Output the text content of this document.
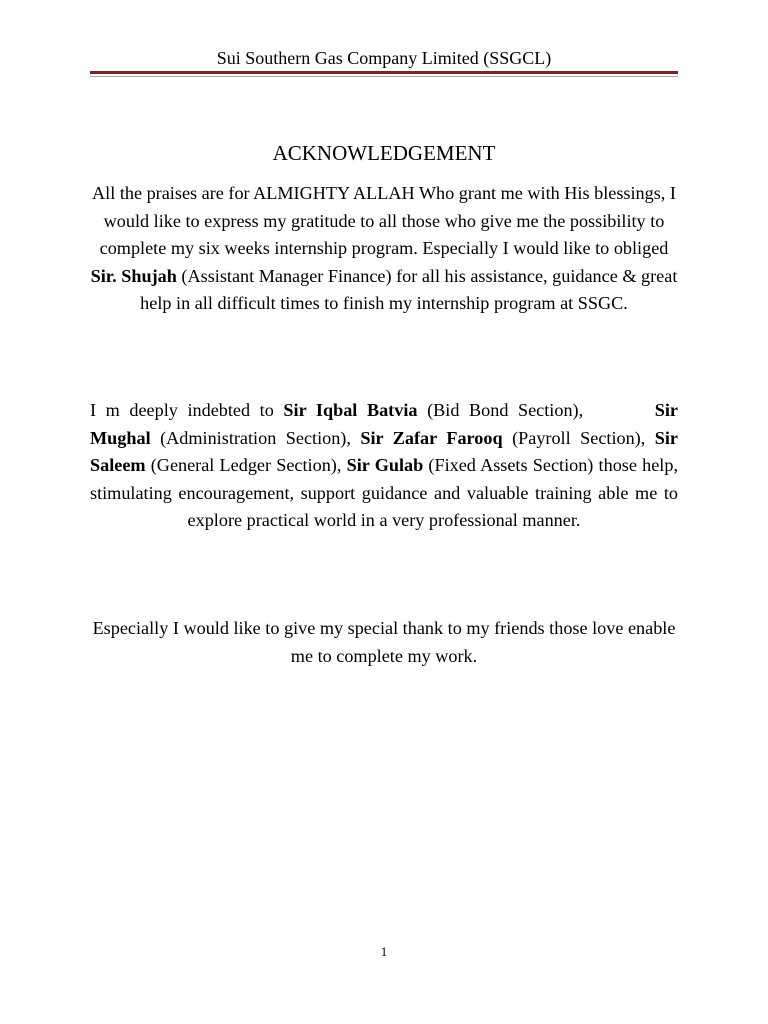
Sui Southern Gas Company Limited (SSGCL)
ACKNOWLEDGEMENT

All the praises are for ALMIGHTY ALLAH Who grant me with His blessings, I would like to express my gratitude to all those who give me the possibility to complete my six weeks internship program. Especially I would like to obliged Sir. Shujah (Assistant Manager Finance) for all his assistance, guidance & great help in all difficult times to finish my internship program at SSGC.

I m deeply indebted to Sir Iqbal Batvia (Bid Bond Section),	Sir Mughal (Administration Section), Sir Zafar Farooq (Payroll Section), Sir Saleem (General Ledger Section), Sir Gulab (Fixed Assets Section) those help, stimulating encouragement, support guidance and valuable training able me to explore practical world in a very professional manner.

Especially I would like to give my special thank to my friends those love enable me to complete my work.

1
